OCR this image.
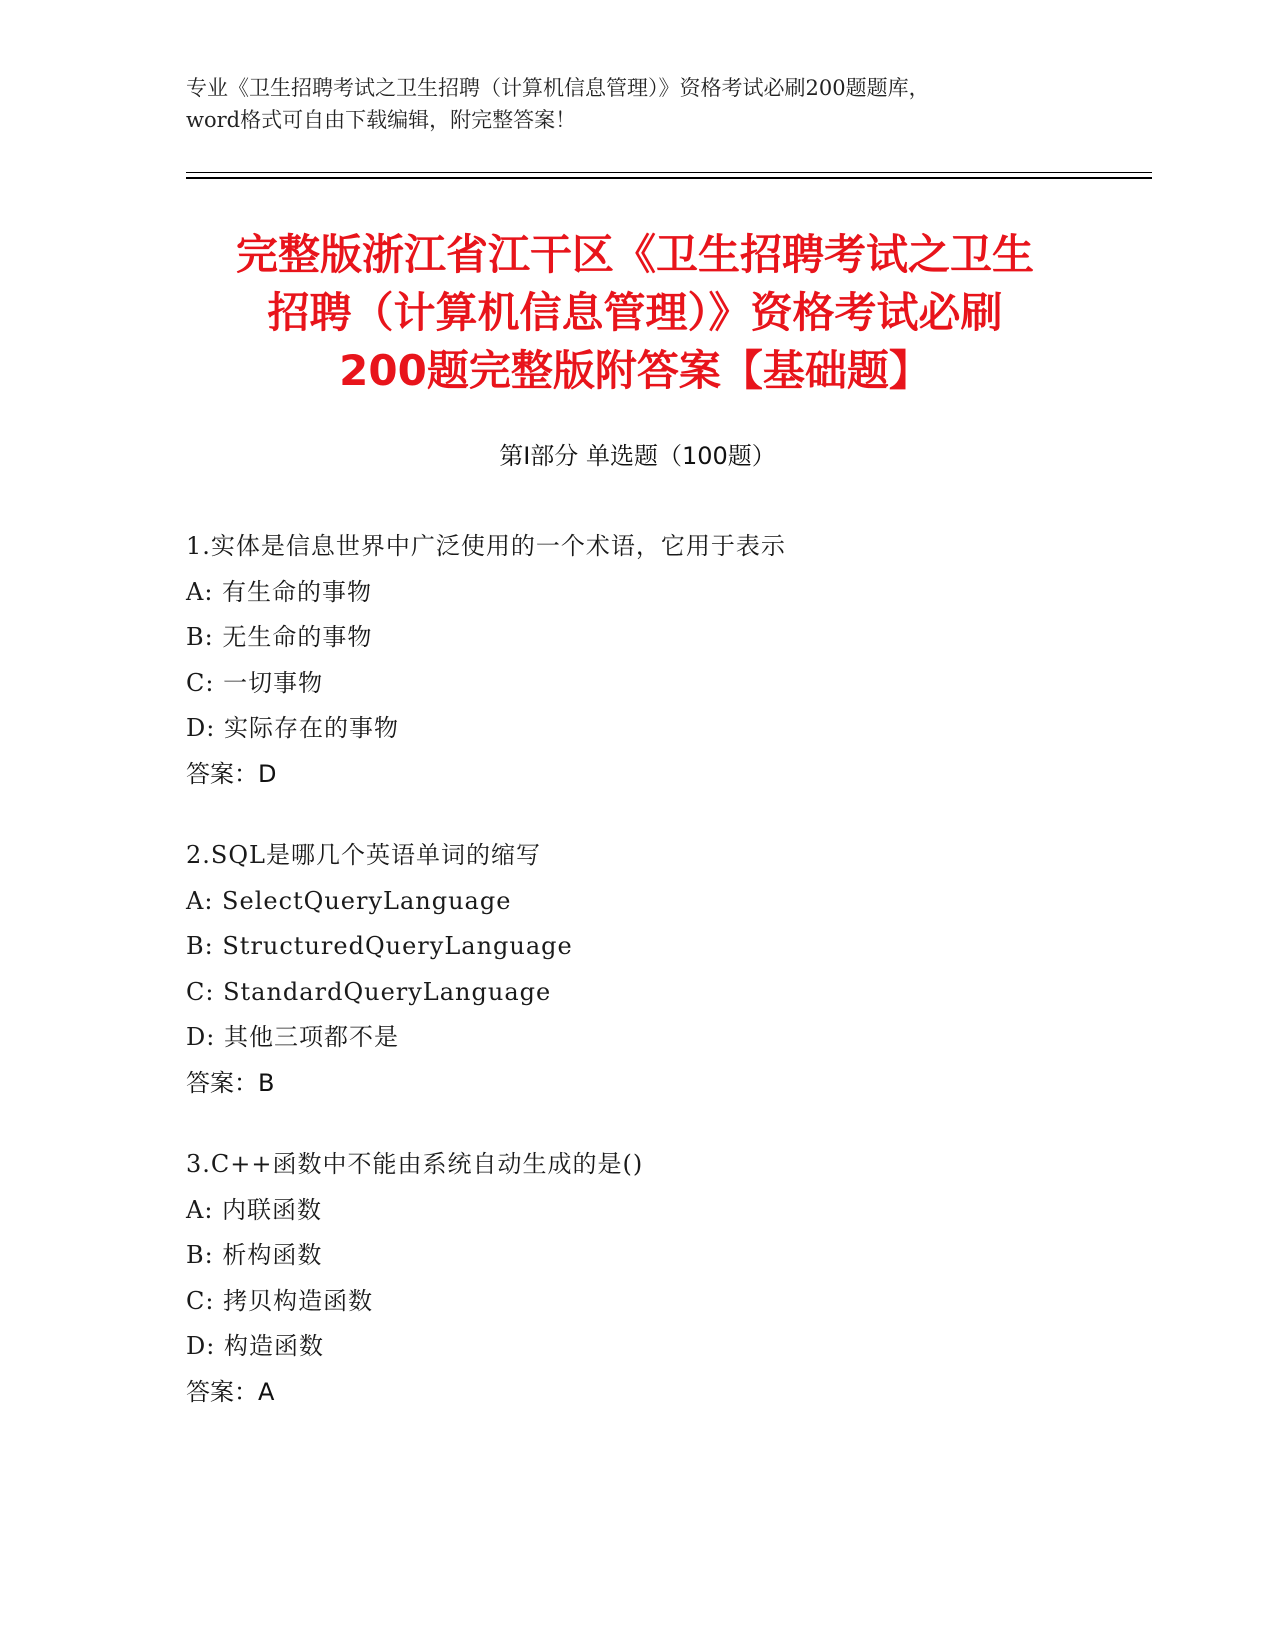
专业《卫生招聘考试之卫生招聘（计算机信息管理）》资格考试必刷200题题库，
word格式可自由下载编辑，附完整答案！
完整版浙江省江干区《卫生招聘考试之卫生
招聘（计算机信息管理）》资格考试必刷
200题完整版附答案【基础题】
第I部分 单选题（100题）
1.实体是信息世界中广泛使用的一个术语，它用于表示
A: 有生命的事物
B: 无生命的事物
C: 一切事物
D: 实际存在的事物
答案：D
2.SQL是哪几个英语单词的缩写
A: SelectQueryLanguage
B: StructuredQueryLanguage
C: StandardQueryLanguage
D: 其他三项都不是
答案：B
3.C++函数中不能由系统自动生成的是()
A: 内联函数
B: 析构函数
C: 拷贝构造函数
D: 构造函数
答案：A
